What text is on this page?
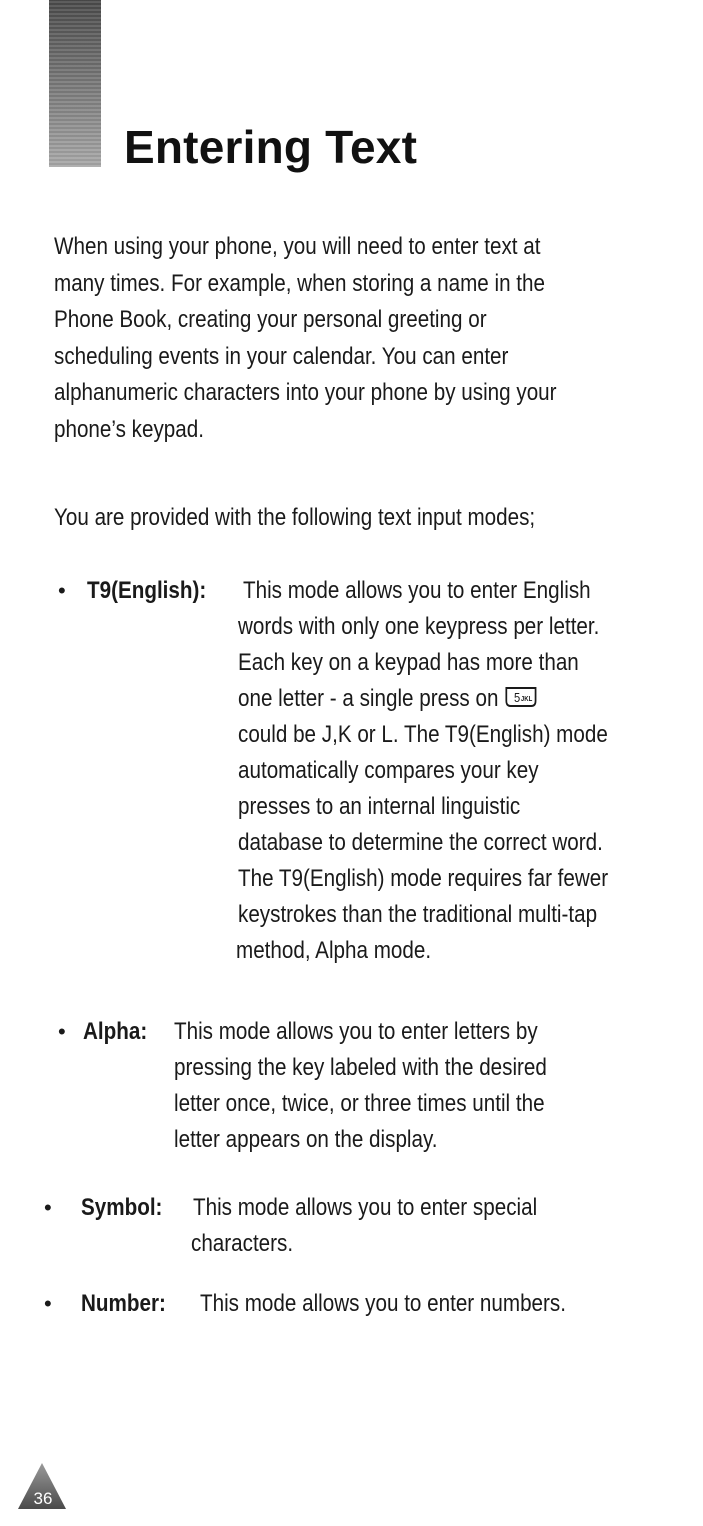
Entering Text
When using your phone, you will need to enter text at
many times. For example, when storing a name in the
Phone Book, creating your personal greeting or
scheduling events in your calendar. You can enter
alphanumeric characters into your phone by using your
phone’s keypad.
You are provided with the following text input modes;
• T9(English): This mode allows you to enter English
words with only one keypress per letter.
Each key on a keypad has more than
one letter - a single press on 5 JKL
could be J,K or L. The T9(English) mode
automatically compares your key
presses to an internal linguistic
database to determine the correct word.
The T9(English) mode requires far fewer
keystrokes than the traditional multi-tap
method, Alpha mode.
• Alpha: This mode allows you to enter letters by
pressing the key labeled with the desired
letter once, twice, or three times until the
letter appears on the display.
• Symbol: This mode allows you to enter special
characters.
• Number: This mode allows you to enter numbers.
36
